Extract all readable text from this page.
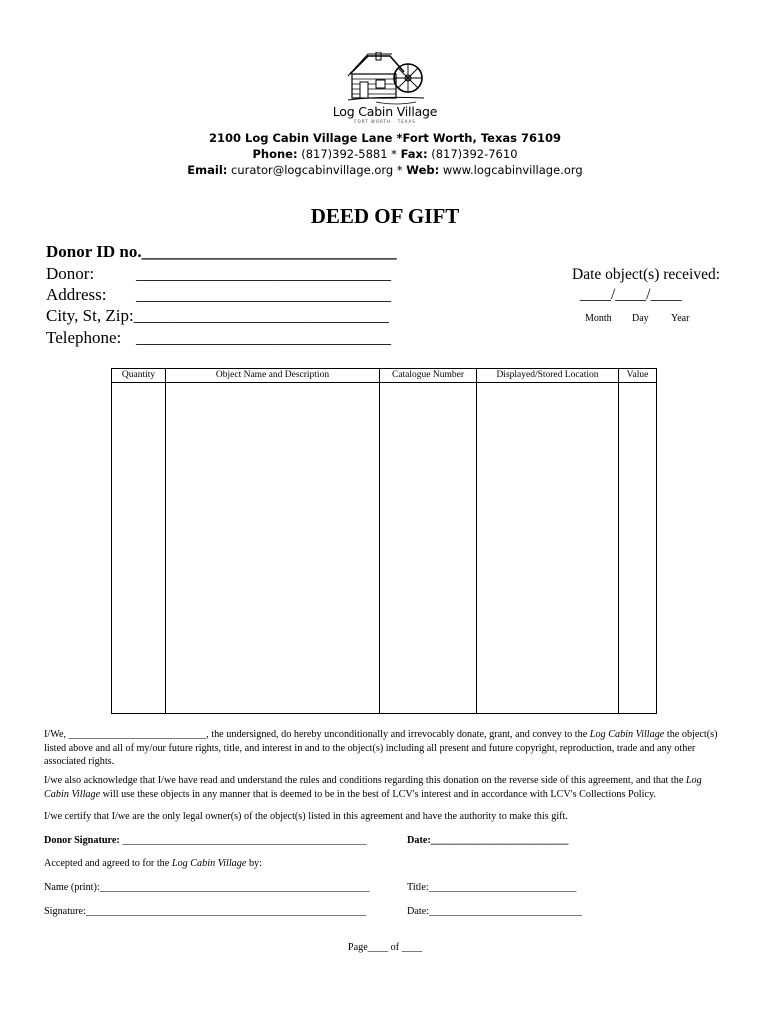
Log Cabin Village
FORT WORTH · TEXAS
2100 Log Cabin Village Lane *Fort Worth, Texas 76109
Phone: (817)392-5881 * Fax: (817)392-7610
Email: curator@logcabinvillage.org * Web: www.logcabinvillage.org
DEED OF GIFT
Donor ID no.______________________________
Donor: ______________________________
Address: ______________________________
City, St, Zip:______________________________
Telephone: ______________________________
Date object(s) received:
____/____/____
Month Day Year
Quantity	Object Name and Description	Catalogue Number	Displayed/Stored Location	Value
I/We, ___________________________, the undersigned, do hereby unconditionally and irrevocably donate, grant, and convey to the Log Cabin Village the object(s) listed above and all of my/our future rights, title, and interest in and to the object(s) including all present and future copyright, reproduction, trade and any other associated rights.
I/we also acknowledge that I/we have read and understand the rules and conditions regarding this donation on the reverse side of this agreement, and that the Log Cabin Village will use these objects in any manner that is deemed to be in the best of LCV's interest and in accordance with LCV's Collections Policy.
I/we certify that I/we are the only legal owner(s) of the object(s) listed in this agreement and have the authority to make this gift.
Donor Signature: ________________________________________________	Date:___________________________
Accepted and agreed to for the Log Cabin Village by:
Name (print):_____________________________________________________	Title:_____________________________
Signature:_______________________________________________________	Date:______________________________
Page____ of ____
